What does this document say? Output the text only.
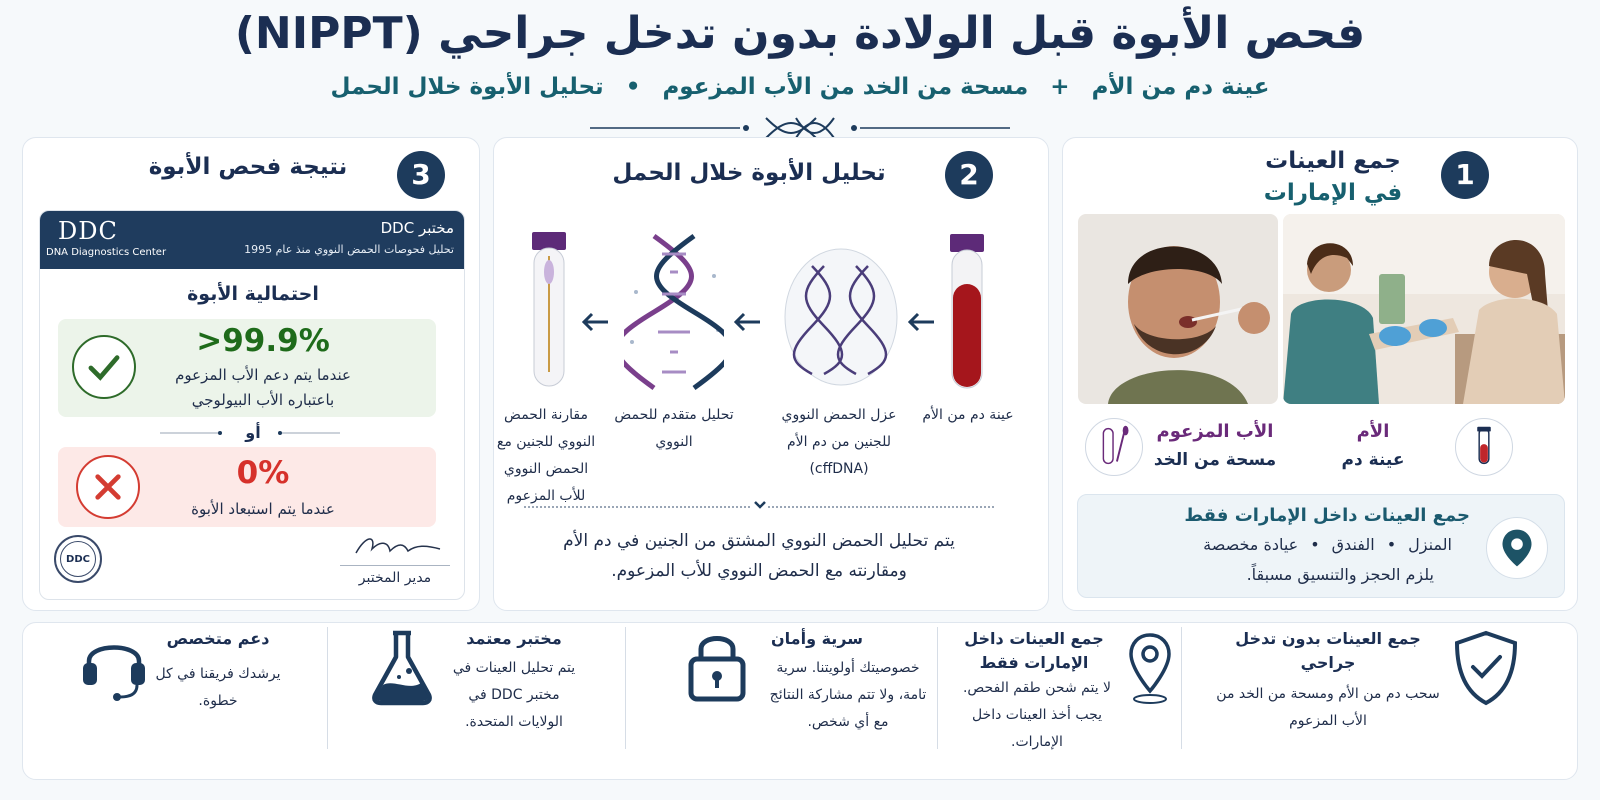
فحص الأبوة قبل الولادة بدون تدخل جراحي (NIPPT)
عينة دم من الأم + مسحة من الخد من الأب المزعوم • تحليل الأبوة خلال الحمل
1
جمع العينات
في الإمارات
الأم
عينة دم
الأب المزعوم
مسحة من الخد
جمع العينات داخل الإمارات فقط
المنزل
•
الفندق
•
عيادة مخصصة
يلزم الحجز والتنسيق مسبقاً.
2
تحليل الأبوة خلال الحمل
عينة دم من الأم
عزل الحمض النووي للجنين من دم الأم (cffDNA)
تحليل متقدم للحمض النووي
مقارنة الحمض النووي للجنين مع الحمض النووي للأب المزعوم
يتم تحليل الحمض النووي المشتق من الجنين في دم الأم ومقارنته مع الحمض النووي للأب المزعوم.
3
نتيجة فحص الأبوة
مختبر DDC
تحليل فحوصات الحمض النووي منذ عام 1995
DDC
DNA Diagnostics Center
احتمالية الأبوة
>99.9%
عندما يتم دعم الأب المزعوم باعتباره الأب البيولوجي
أو
0%
عندما يتم استبعاد الأبوة
DDC
مدير المختبر
جمع العينات بدون تدخل جراحي
سحب دم من الأم ومسحة من الخد من الأب المزعوم
جمع العينات داخل الإمارات فقط
لا يتم شحن طقم الفحص. يجب أخذ العينات داخل الإمارات.
سرية وأمان
خصوصيتك أولويتنا. سرية تامة، ولا تتم مشاركة النتائج مع أي شخص.
مختبر معتمد
يتم تحليل العينات في مختبر DDC في الولايات المتحدة.
دعم متخصص
يرشدك فريقنا في كل خطوة.
